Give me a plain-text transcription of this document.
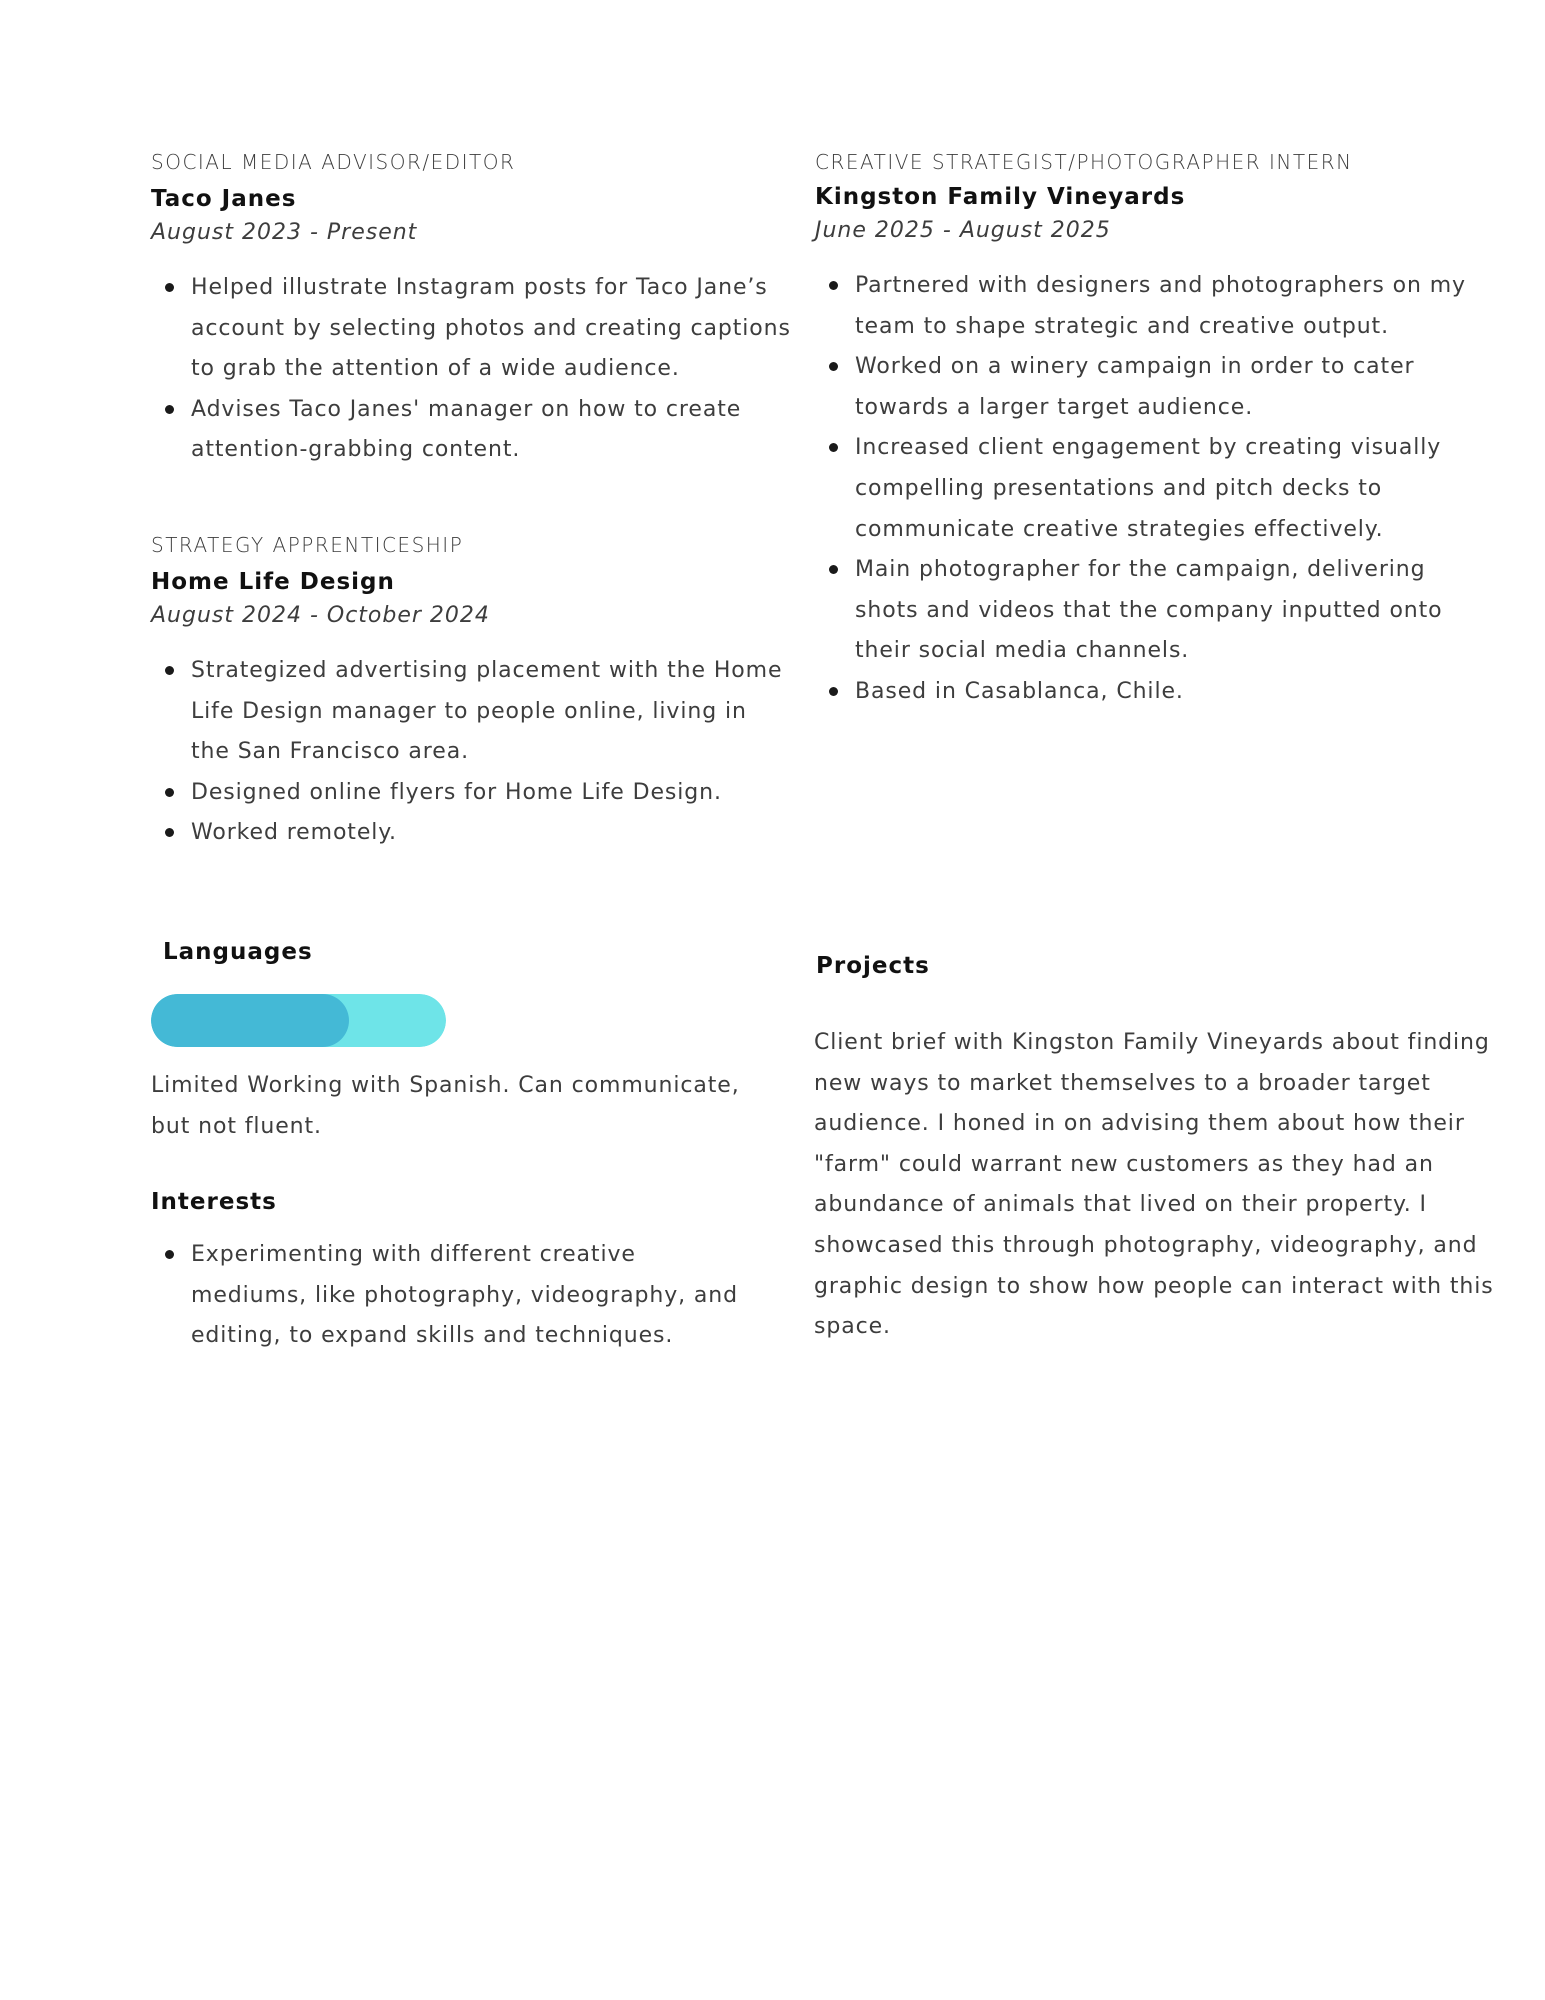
SOCIAL MEDIA ADVISOR/EDITOR
Taco Janes
August 2023 - Present
Helped illustrate Instagram posts for Taco Jane’s account by selecting photos and creating captions to grab the attention of a wide audience.
Advises Taco Janes' manager on how to create attention-grabbing content.
STRATEGY APPRENTICESHIP
Home Life Design
August 2024 - October 2024
Strategized advertising placement with the Home Life Design manager to people online, living in the San Francisco area.
Designed online flyers for Home Life Design.
Worked remotely.
CREATIVE STRATEGIST/PHOTOGRAPHER INTERN
Kingston Family Vineyards
June 2025 - August 2025
Partnered with designers and photographers on my team to shape strategic and creative output.
Worked on a winery campaign in order to cater towards a larger target audience.
Increased client engagement by creating visually compelling presentations and pitch decks to communicate creative strategies effectively.
Main photographer for the campaign, delivering shots and videos that the company inputted onto their social media channels.
Based in Casablanca, Chile.
Languages
Limited Working with Spanish. Can communicate, but not fluent.
Interests
Experimenting with different creative mediums, like photography, videography, and editing, to expand skills and techniques.
Projects
Client brief with Kingston Family Vineyards about finding new ways to market themselves to a broader target audience. I honed in on advising them about how their "farm" could warrant new customers as they had an abundance of animals that lived on their property. I showcased this through photography, videography, and graphic design to show how people can interact with this space.
